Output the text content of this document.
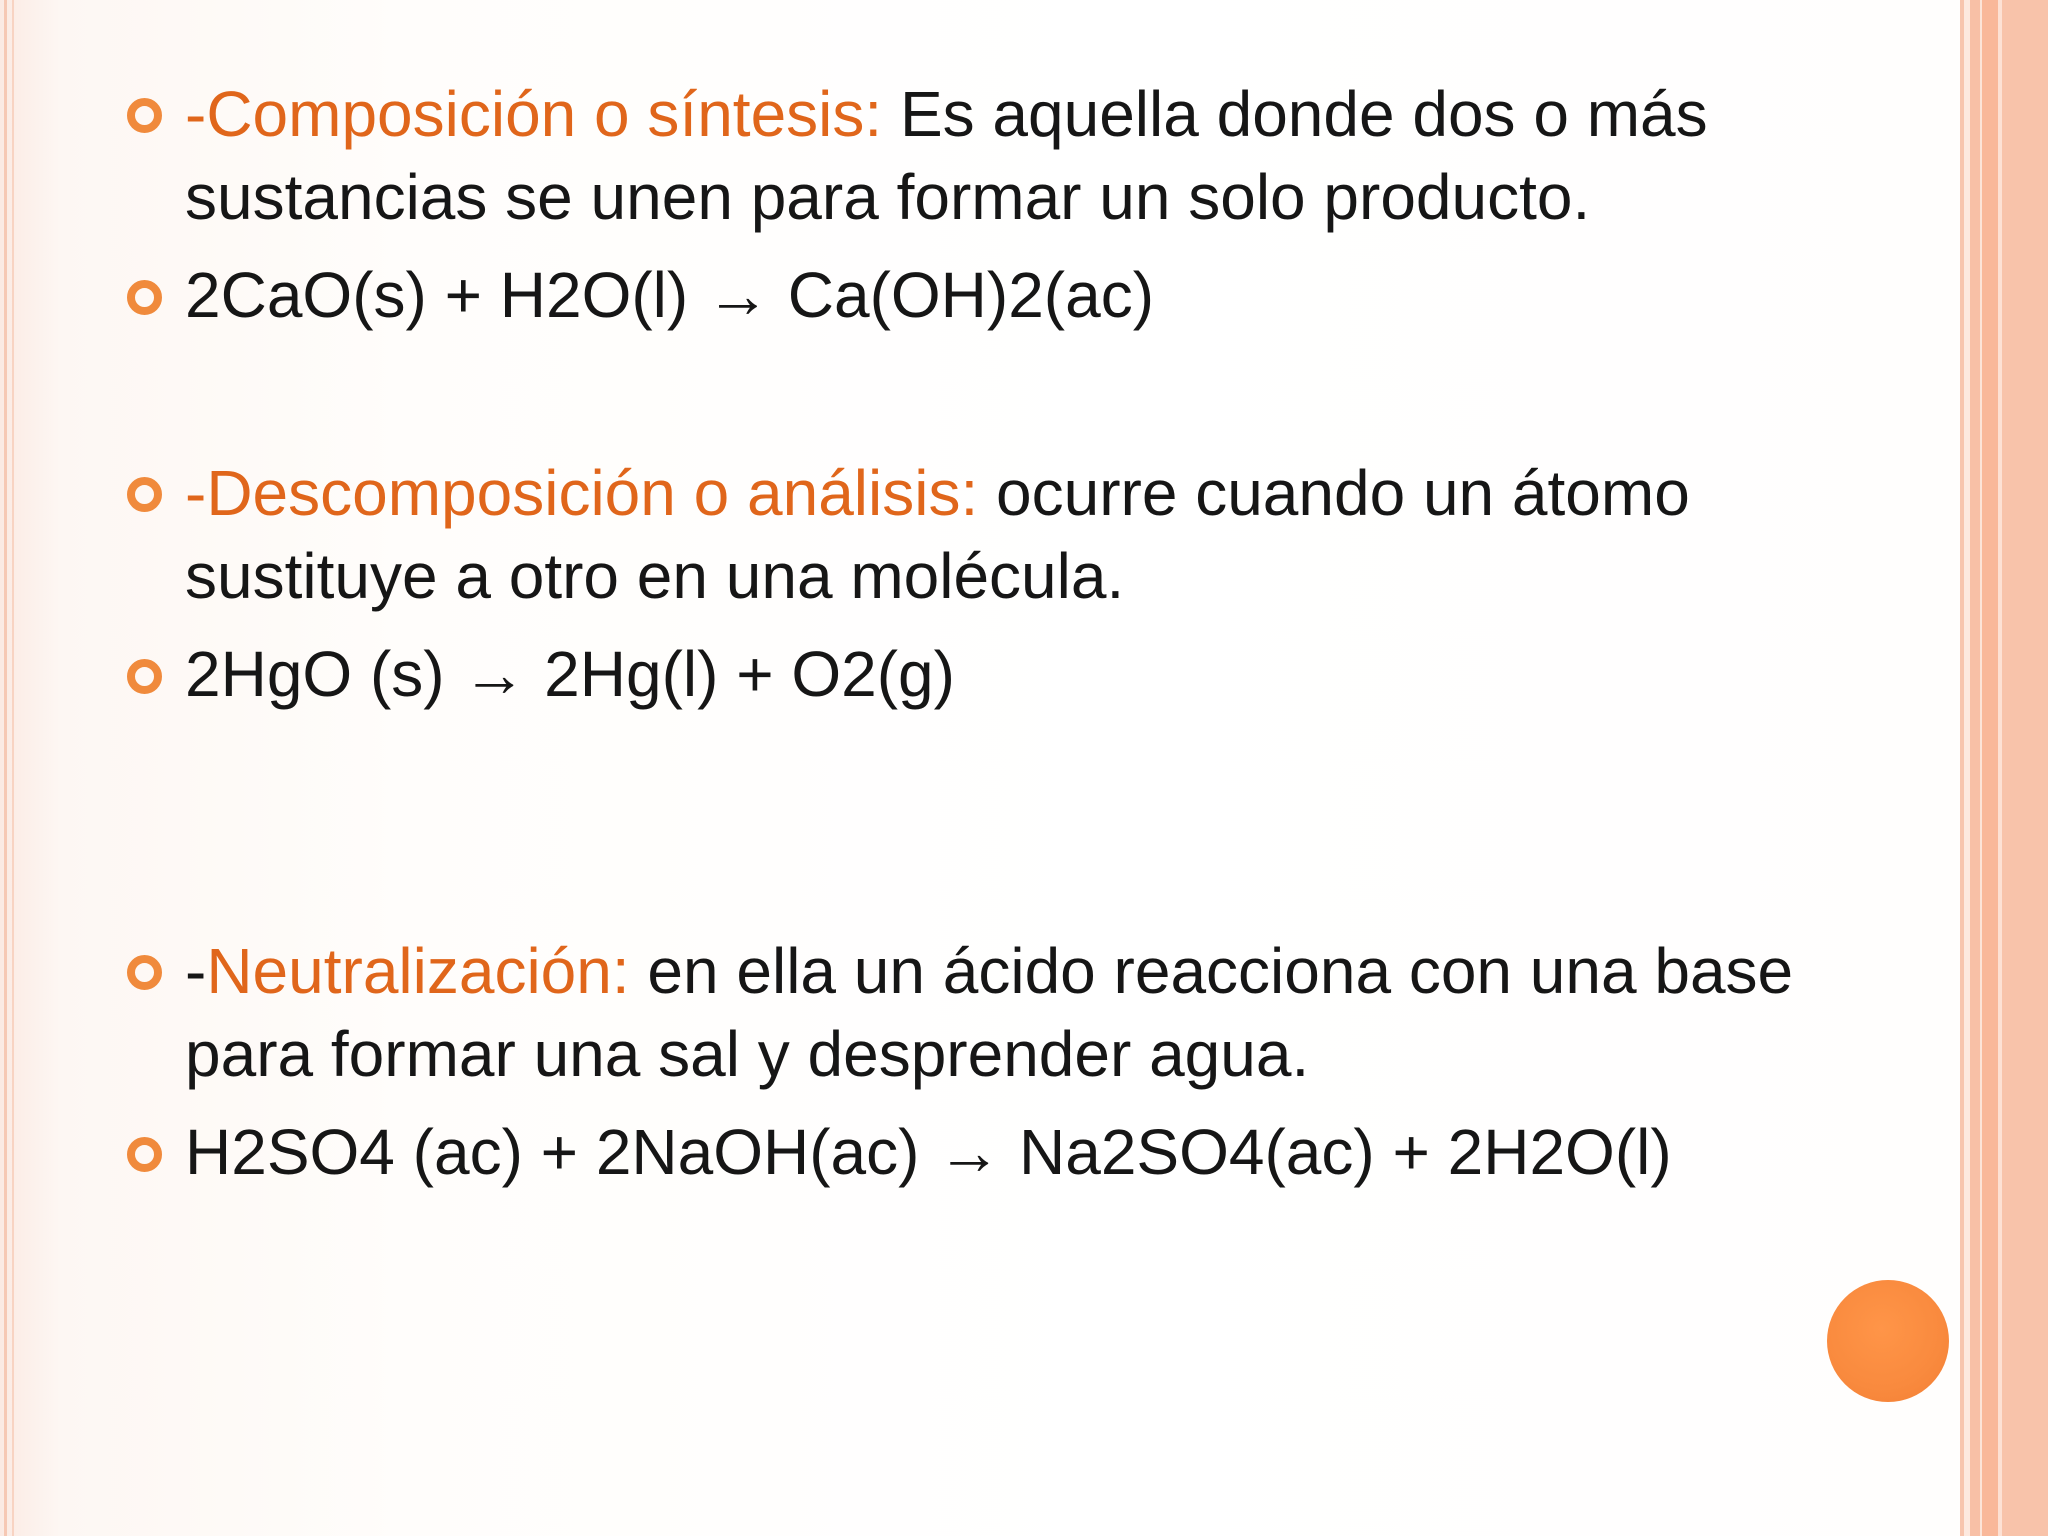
-Composición o síntesis: Es aquella donde dos o más
sustancias se unen para formar un solo producto.
2CaO(s) + H2O(l) → Ca(OH)2(ac)
-Descomposición o análisis: ocurre cuando un átomo
sustituye a otro en una molécula.
2HgO (s) → 2Hg(l) + O2(g)
-Neutralización: en ella un ácido reacciona con una base
para formar una sal y desprender agua.
H2SO4 (ac) + 2NaOH(ac) → Na2SO4(ac) + 2H2O(l)
